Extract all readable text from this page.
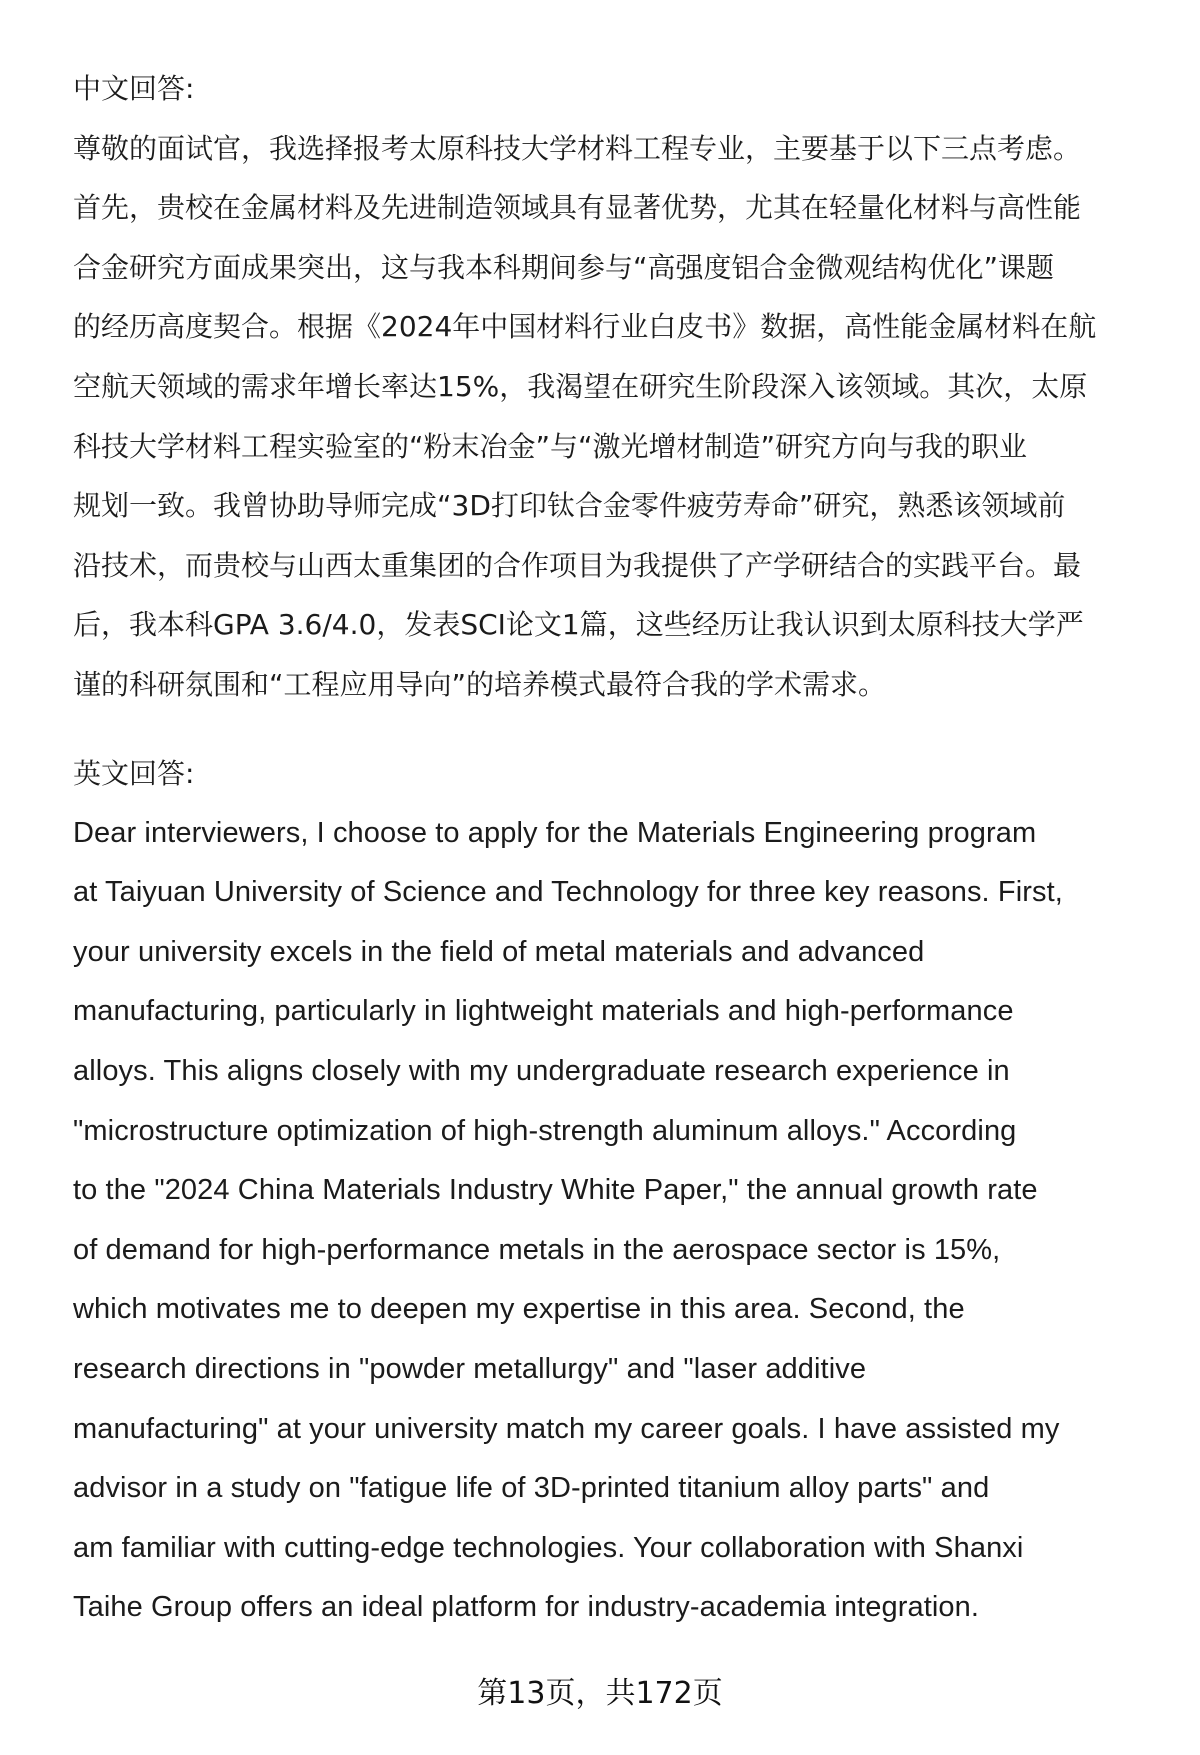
中文回答:
尊敬的面试官，我选择报考太原科技大学材料工程专业，主要基于以下三点考虑。
首先，贵校在金属材料及先进制造领域具有显著优势，尤其在轻量化材料与高性能
合金研究方面成果突出，这与我本科期间参与“高强度铝合金微观结构优化”课题
的经历高度契合。根据《2024年中国材料行业白皮书》数据，高性能金属材料在航
空航天领域的需求年增长率达15%，我渴望在研究生阶段深入该领域。其次，太原
科技大学材料工程实验室的“粉末冶金”与“激光增材制造”研究方向与我的职业
规划一致。我曾协助导师完成“3D打印钛合金零件疲劳寿命”研究，熟悉该领域前
沿技术，而贵校与山西太重集团的合作项目为我提供了产学研结合的实践平台。最
后，我本科GPA 3.6/4.0，发表SCI论文1篇，这些经历让我认识到太原科技大学严
谨的科研氛围和“工程应用导向”的培养模式最符合我的学术需求。
英文回答:
Dear interviewers, I choose to apply for the Materials Engineering program
at Taiyuan University of Science and Technology for three key reasons. First,
your university excels in the field of metal materials and advanced
manufacturing, particularly in lightweight materials and high-performance
alloys. This aligns closely with my undergraduate research experience in
"microstructure optimization of high-strength aluminum alloys." According
to the "2024 China Materials Industry White Paper," the annual growth rate
of demand for high-performance metals in the aerospace sector is 15%,
which motivates me to deepen my expertise in this area. Second, the
research directions in "powder metallurgy" and "laser additive
manufacturing" at your university match my career goals. I have assisted my
advisor in a study on "fatigue life of 3D-printed titanium alloy parts" and
am familiar with cutting-edge technologies. Your collaboration with Shanxi
Taihe Group offers an ideal platform for industry-academia integration.
第13页，共172页
